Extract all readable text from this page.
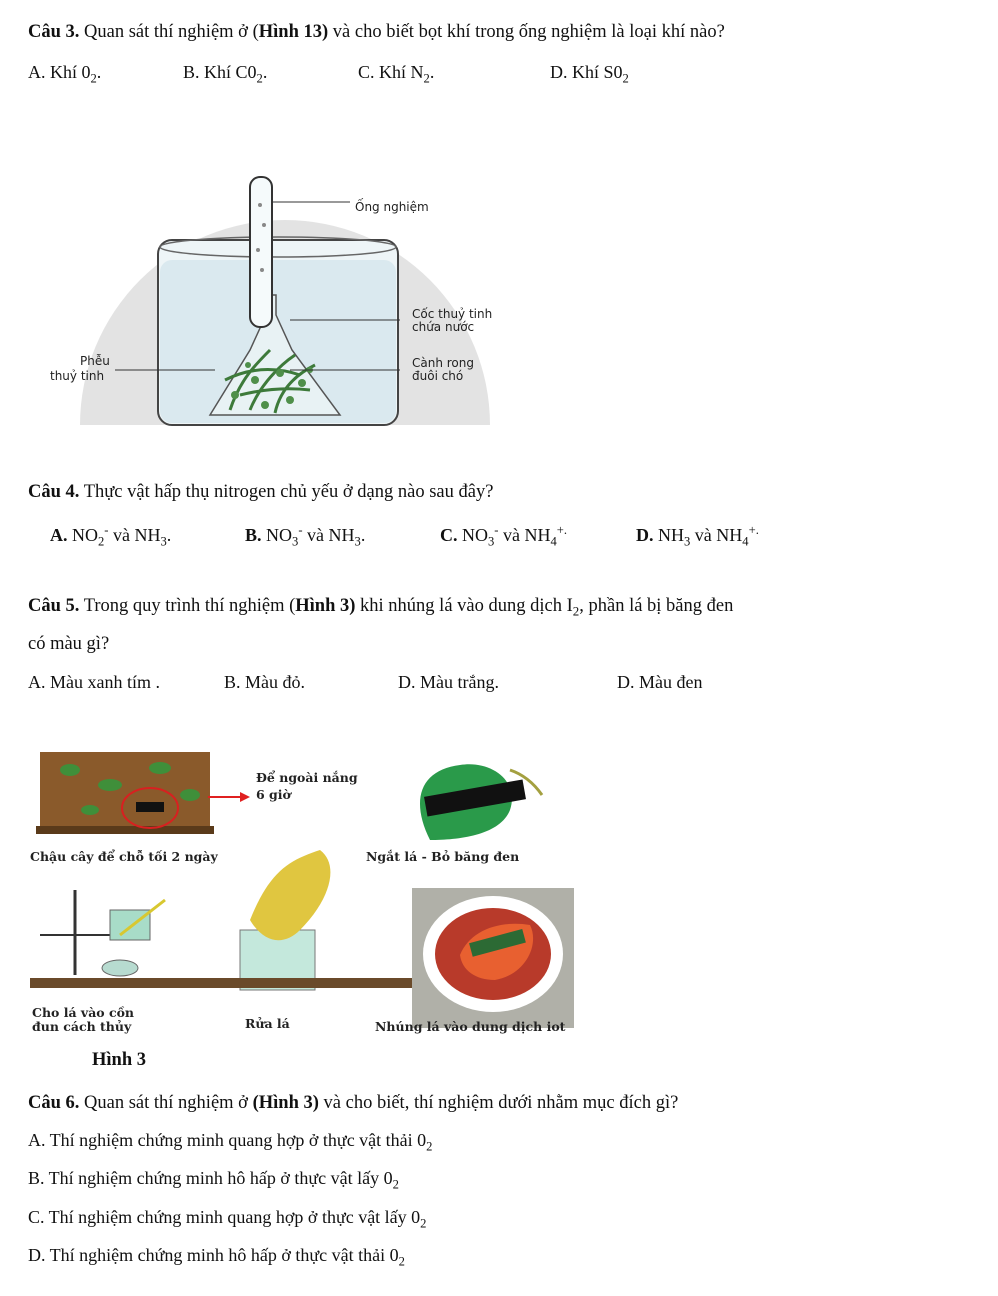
Câu 3. Quan sát thí nghiệm ở (Hình 13) và cho biết bọt khí trong ống nghiệm là loại khí nào?
A. Khí $0_2$.	B. Khí $C0_2$.	C. Khí $N_2$.	D. Khí $S0_2$
Ống nghiệm
Cốc thuỷ tinh
chứa nước
Phễu
thuỷ tinh
Cành rong
đuôi chó
Câu 4. Thực vật hấp thụ nitrogen chủ yếu ở dạng nào sau đây?
A. $NO_2^-$ và $NH_3$.	B. $NO_3^-$ và $NH_3$.	C. $NO_3^-$ và $NH_4^{+.}$	D. $NH_3$ và $NH_4^{+.}$
Câu 5. Trong quy trình thí nghiệm (Hình 3) khi nhúng lá vào dung dịch $I_2$, phần lá bị băng đen
có màu gì?
A. Màu xanh tím .	B. Màu đỏ.	D. Màu trắng.	D. Màu đen
Để ngoài nắng
6 giờ
Chậu cây để chỗ tối 2 ngày	Ngắt lá - Bỏ băng đen
Cho lá vào cồn
đun cách thủy	Rửa lá	Nhúng lá vào dung dịch iot
Hình 3
Câu 6. Quan sát thí nghiệm ở (Hình 3) và cho biết, thí nghiệm dưới nhằm mục đích gì?
A. Thí nghiệm chứng minh quang hợp ở thực vật thải $0_2$
B. Thí nghiệm chứng minh hô hấp ở thực vật lấy $0_2$
C. Thí nghiệm chứng minh quang hợp ở thực vật lấy $0_2$
D. Thí nghiệm chứng minh hô hấp ở thực vật thải $0_2$
